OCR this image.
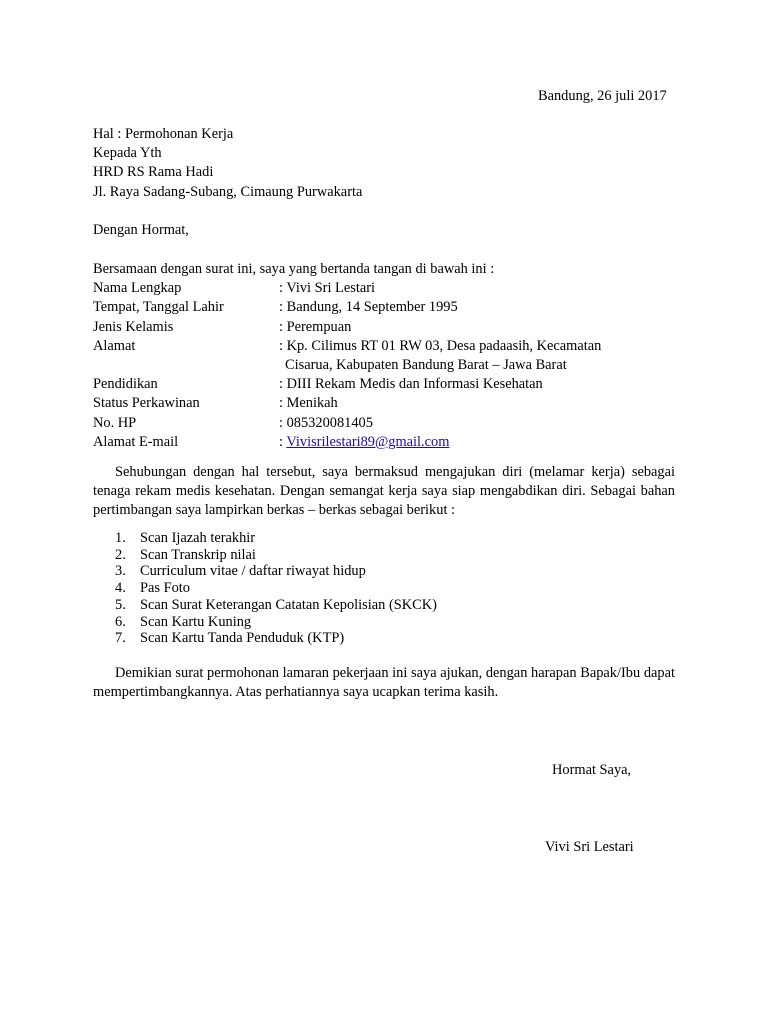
Bandung, 26 juli 2017
Hal : Permohonan Kerja
Kepada Yth
HRD RS Rama Hadi
Jl. Raya Sadang-Subang, Cimaung Purwakarta
Dengan Hormat,
Bersamaan dengan surat ini, saya yang bertanda tangan di bawah ini :
Nama Lengkap	: Vivi Sri Lestari
Tempat, Tanggal Lahir	: Bandung, 14 September 1995
Jenis Kelamis	: Perempuan
Alamat	: Kp. Cilimus RT 01 RW 03, Desa padaasih, Kecamatan
Cisarua, Kabupaten Bandung Barat – Jawa Barat
Pendidikan	: DIII Rekam Medis dan Informasi Kesehatan
Status Perkawinan	: Menikah
No. HP	: 085320081405
Alamat E-mail	: Vivisrilestari89@gmail.com
Sehubungan dengan hal tersebut, saya bermaksud mengajukan diri (melamar kerja) sebagai tenaga rekam medis kesehatan. Dengan semangat kerja saya siap mengabdikan diri. Sebagai bahan pertimbangan saya lampirkan berkas – berkas sebagai berikut :
1. Scan Ijazah terakhir
2. Scan Transkrip nilai
3. Curriculum vitae / daftar riwayat hidup
4. Pas Foto
5. Scan Surat Keterangan Catatan Kepolisian (SKCK)
6. Scan Kartu Kuning
7. Scan Kartu Tanda Penduduk (KTP)
Demikian surat permohonan lamaran pekerjaan ini saya ajukan, dengan harapan Bapak/Ibu dapat mempertimbangkannya. Atas perhatiannya saya ucapkan terima kasih.
Hormat Saya,
Vivi Sri Lestari
